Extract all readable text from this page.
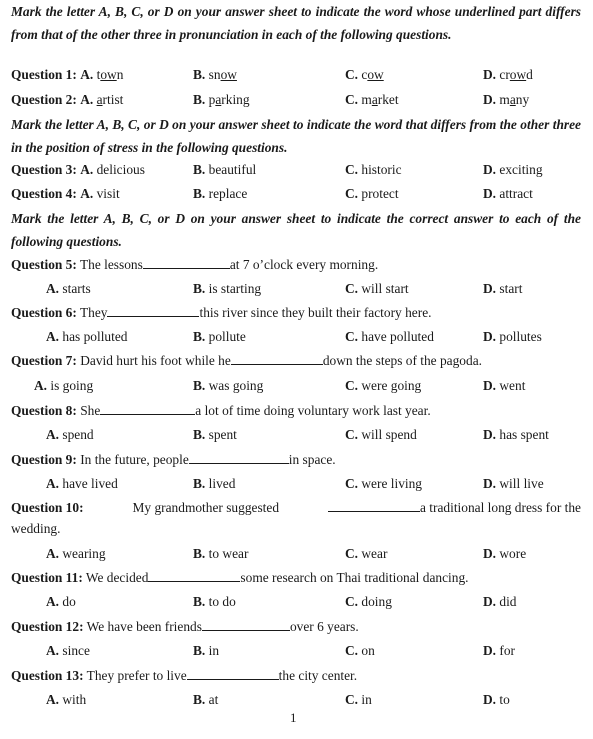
Mark the letter A, B, C, or D on your answer sheet to indicate the word whose underlined part differs from that of the other three in pronunciation in each of the following questions.
Question 1: A. town	B. snow	C. cow	D. crowd
Question 2: A. artist	B. parking	C. market	D. many
Mark the letter A, B, C, or D on your answer sheet to indicate the word that differs from the other three in the position of stress in the following questions.
Question 3: A. delicious	B. beautiful	C. historic	D. exciting
Question 4: A. visit	B. replace	C. protect	D. attract
Mark the letter A, B, C, or D on your answer sheet to indicate the correct answer to each of the following questions.
Question 5: The lessons	at 7 o’clock every morning.
A. starts	B. is starting	C. will start	D. start
Question 6: They	this river since they built their factory here.
A. has polluted	B. pollute	C. have polluted	D. pollutes
Question 7: David hurt his foot while he	down the steps of the pagoda.
A. is going	B. was going	C. were going	D. went
Question 8: She	a lot of time doing voluntary work last year.
A. spend	B. spent	C. will spend	D. has spent
Question 9: In the future, people	in space.
A. have lived	B. lived	C. were living	D. will live
Question 10:	My grandmother suggested	a traditional long dress for the
wedding.
A. wearing	B. to wear	C. wear	D. wore
Question 11: We decided	some research on Thai traditional dancing.
A. do	B. to do	C. doing	D. did
Question 12: We have been friends	over 6 years.
A. since	B. in	C. on	D. for
Question 13: They prefer to live	the city center.
A. with	B. at	C. in	D. to
1
